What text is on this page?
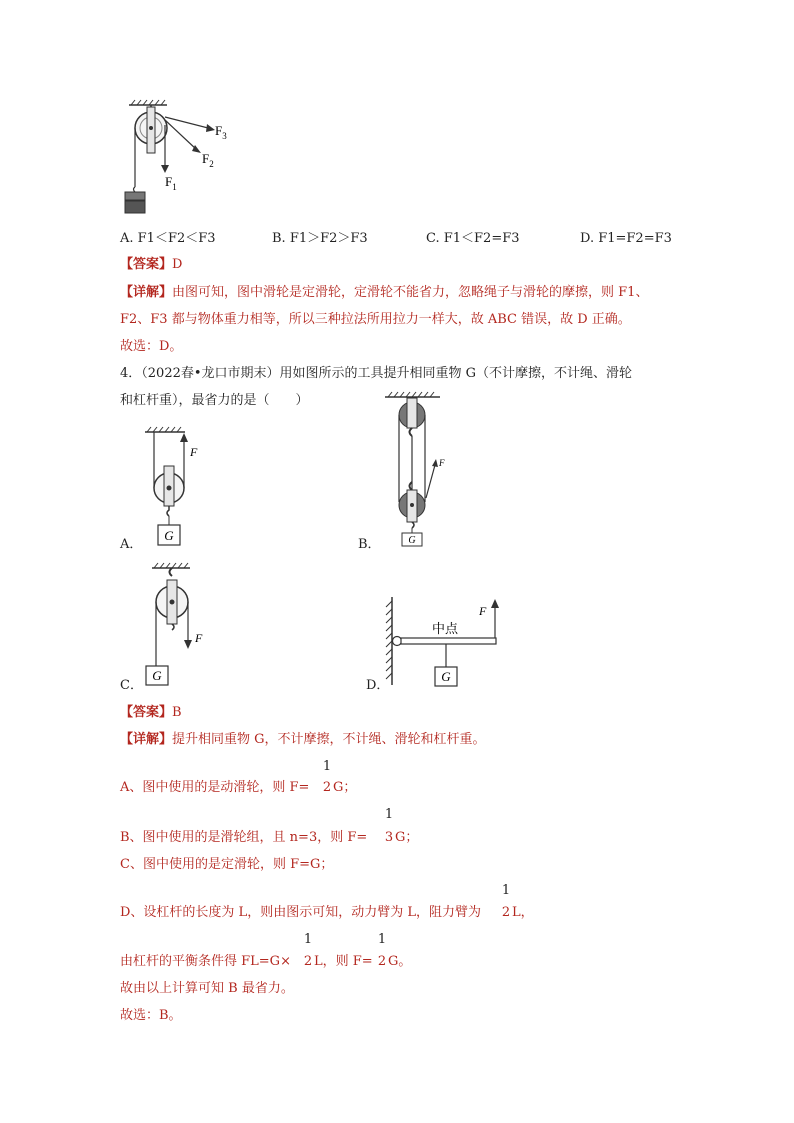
$F_3$
$F_2$
$F_1$
A. F1＜F2＜F3	B. F1＞F2＞F3	C. F1＜F2=F3	D. F1=F2=F3
【答案】D
【详解】由图可知，图中滑轮是定滑轮，定滑轮不能省力，忽略绳子与滑轮的摩擦，则 F1、
F2、F3 都与物体重力相等，所以三种拉法所用拉力一样大，故 ABC 错误，故 D 正确。
故选：D。
4．（2022春•龙口市期末）用如图所示的工具提升相同重物 G（不计摩擦，不计绳、滑轮
和杠杆重），最省力的是（　　）
G
F
A．
F
G
B．
F
G
C．
F
中点
G
D．
【答案】B
【详解】提升相同重物 G，不计摩擦，不计绳、滑轮和杠杆重。
A、图中使用的是动滑轮，则 F=
1
2 G；
B、图中使用的是滑轮组，且 n=3，则 F=
1
3 G；
C、图中使用的是定滑轮，则 F=G；
D、设杠杆的长度为 L，则由图示可知，动力臂为 L，阻力臂为
1
2 L，
由杠杆的平衡条件得 FL=G×
1
2 L，则 F=
1
2 G。
故由以上计算可知 B 最省力。
故选：B。
